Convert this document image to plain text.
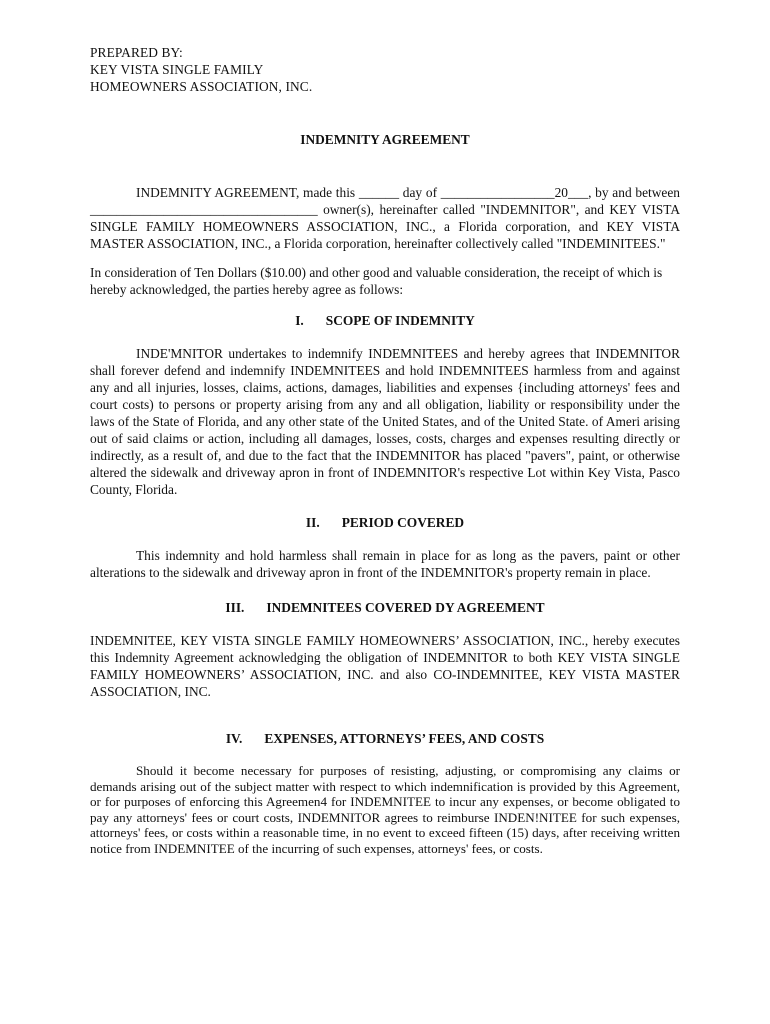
PREPARED BY:
KEY VISTA SINGLE FAMILY
HOMEOWNERS ASSOCIATION, INC.
INDEMNITY AGREEMENT

INDEMNITY AGREEMENT, made this ______ day of _________________20___, by and between __________________________________ owner(s), hereinafter called "INDEMNITOR", and KEY VISTA SINGLE FAMILY HOMEOWNERS ASSOCIATION, INC., a Florida corporation, and KEY VISTA MASTER ASSOCIATION, INC., a Florida corporation, hereinafter collectively called "INDEMINITEES."

In consideration of Ten Dollars ($10.00) and other good and valuable consideration, the receipt of which is hereby acknowledged, the parties hereby agree as follows:

I. SCOPE OF INDEMNITY

INDE'MNITOR undertakes to indemnify INDEMNITEES and hereby agrees that INDEMNITOR shall forever defend and indemnify INDEMNITEES and hold INDEMNITEES harmless from and against any and all injuries, losses, claims, actions, damages, liabilities and expenses {including attorneys' fees and court costs) to persons or property arising from any and all obligation, liability or responsibility under the laws of the State of Florida, and any other state of the United States, and of the United State. of Ameri arising out of said claims or action, including all damages, losses, costs, charges and expenses resulting directly or indirectly, as a result of, and due to the fact that the INDEMNITOR has placed "pavers", paint, or otherwise altered the sidewalk and driveway apron in front of INDEMNITOR's respective Lot within Key Vista, Pasco County, Florida.

II. PERIOD COVERED

This indemnity and hold harmless shall remain in place for as long as the pavers, paint or other alterations to the sidewalk and driveway apron in front of the INDEMNITOR's property remain in place.

III. INDEMNITEES COVERED DY AGREEMENT

INDEMNITEE, KEY VISTA SINGLE FAMILY HOMEOWNERS’ ASSOCIATION, INC., hereby executes this Indemnity Agreement acknowledging the obligation of INDEMNITOR to both KEY VISTA SINGLE FAMILY HOMEOWNERS’ ASSOCIATION, INC. and also CO-INDEMNITEE, KEY VISTA MASTER ASSOCIATION, INC.

IV. EXPENSES, ATTORNEYS’ FEES, AND COSTS

Should it become necessary for purposes of resisting, adjusting, or compromising any claims or demands arising out of the subject matter with respect to which indemnification is provided by this Agreement, or for purposes of enforcing this Agreemen4 for INDEMNITEE to incur any expenses, or become obligated to pay any attorneys' fees or court costs, INDEMNITOR agrees to reimburse INDEN!NITEE for such expenses, attorneys' fees, or costs within a reasonable time, in no event to exceed fifteen (15) days, after receiving written notice from INDEMNITEE of the incurring of such expenses, attorneys' fees, or costs.
